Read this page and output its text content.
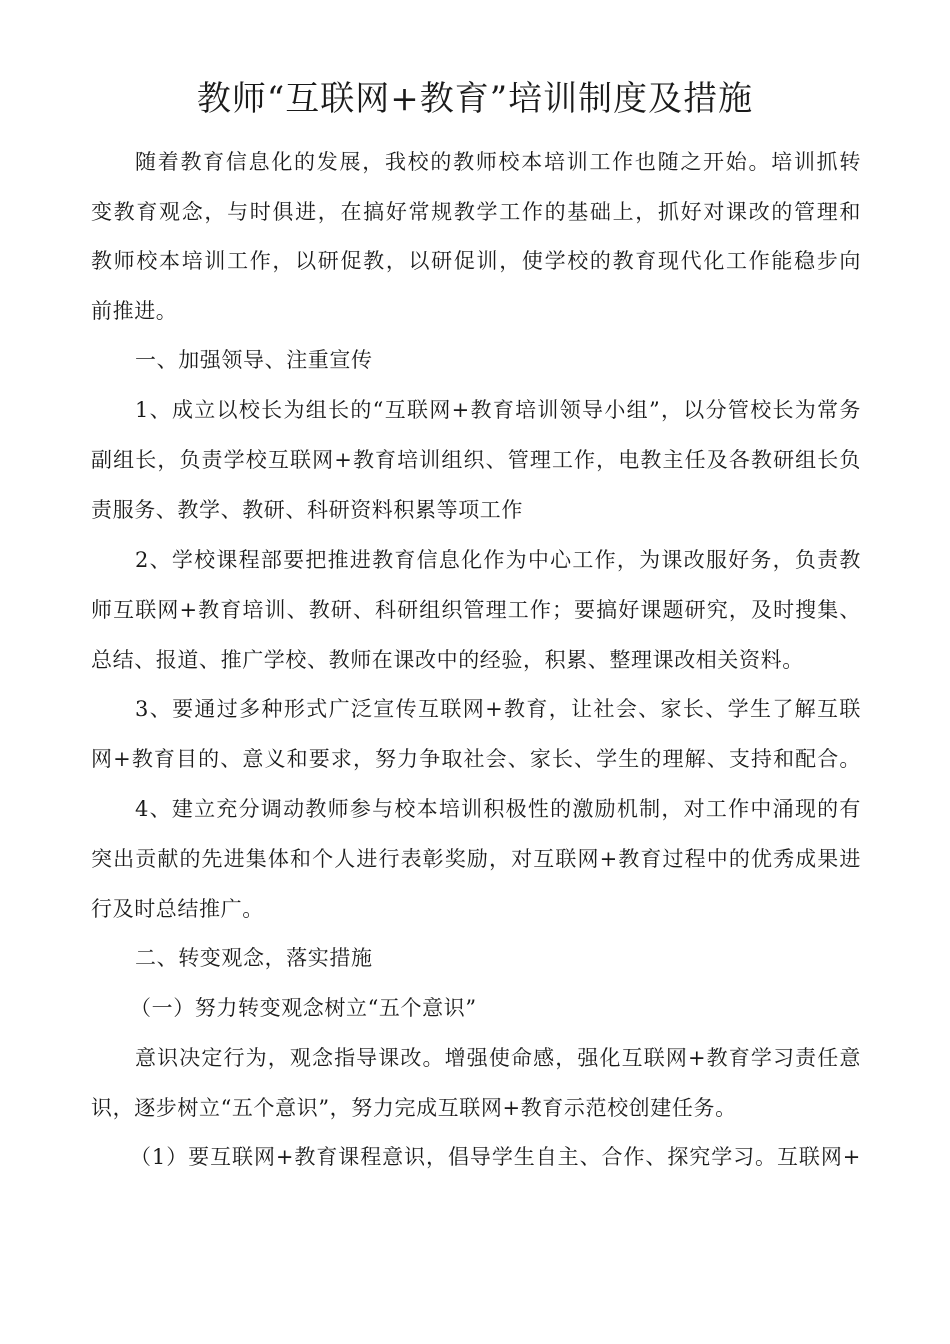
教师“互联网+教育”培训制度及措施

随着教育信息化的发展，我校的教师校本培训工作也随之开始。培训抓转

变教育观念，与时俱进，在搞好常规教学工作的基础上，抓好对课改的管理和

教师校本培训工作，以研促教，以研促训，使学校的教育现代化工作能稳步向

前推进。

一、加强领导、注重宣传

1、成立以校长为组长的“互联网+教育培训领导小组”，以分管校长为常务

副组长，负责学校互联网+教育培训组织、管理工作，电教主任及各教研组长负

责服务、教学、教研、科研资料积累等项工作

2、学校课程部要把推进教育信息化作为中心工作，为课改服好务，负责教

师互联网+教育培训、教研、科研组织管理工作；要搞好课题研究，及时搜集、

总结、报道、推广学校、教师在课改中的经验，积累、整理课改相关资料。

3、要通过多种形式广泛宣传互联网+教育，让社会、家长、学生了解互联

网+教育目的、意义和要求，努力争取社会、家长、学生的理解、支持和配合。

4、建立充分调动教师参与校本培训积极性的激励机制，对工作中涌现的有

突出贡献的先进集体和个人进行表彰奖励，对互联网+教育过程中的优秀成果进

行及时总结推广。

二、转变观念，落实措施

（一）努力转变观念树立“五个意识”

意识决定行为，观念指导课改。增强使命感，强化互联网+教育学习责任意

识，逐步树立“五个意识”，努力完成互联网+教育示范校创建任务。

（1）要互联网+教育课程意识，倡导学生自主、合作、探究学习。互联网+
